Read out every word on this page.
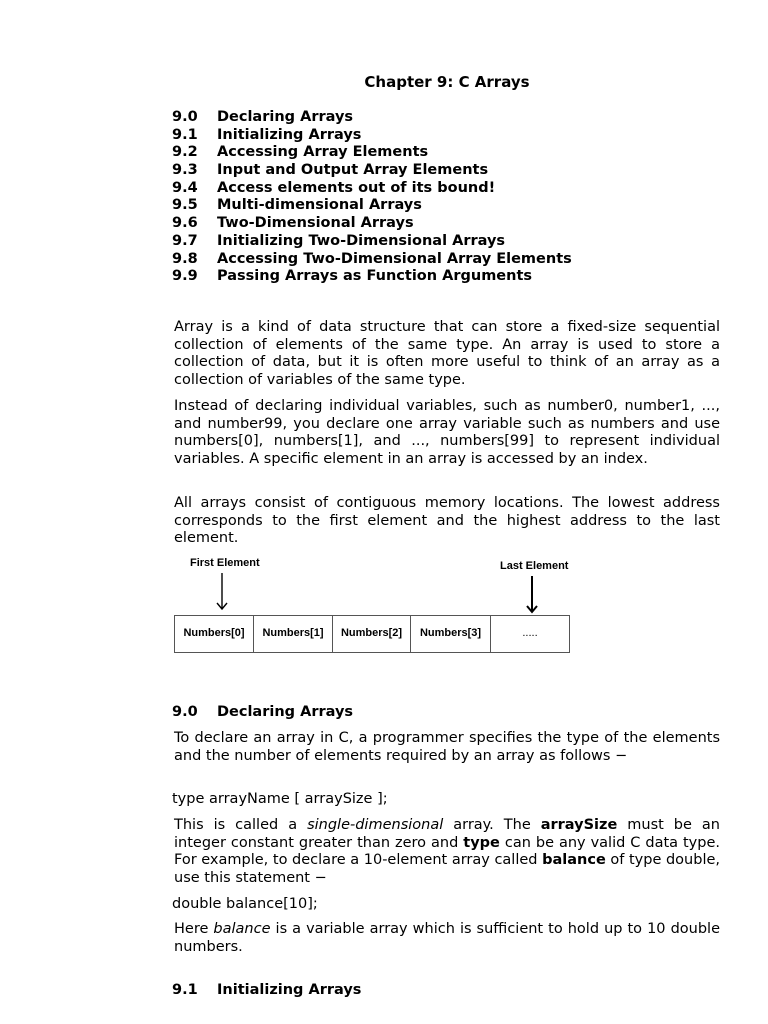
Chapter 9: C Arrays
9.0 Declaring Arrays
9.1 Initializing Arrays
9.2 Accessing Array Elements
9.3 Input and Output Array Elements
9.4 Access elements out of its bound!
9.5 Multi-dimensional Arrays
9.6 Two-Dimensional Arrays
9.7 Initializing Two-Dimensional Arrays
9.8 Accessing Two-Dimensional Array Elements
9.9 Passing Arrays as Function Arguments

Array is a kind of data structure that can store a fixed-size sequential collection of elements of the same type. An array is used to store a collection of data, but it is often more useful to think of an array as a collection of variables of the same type.

Instead of declaring individual variables, such as number0, number1, ..., and number99, you declare one array variable such as numbers and use numbers[0], numbers[1], and ..., numbers[99] to represent individual variables. A specific element in an array is accessed by an index.

All arrays consist of contiguous memory locations. The lowest address corresponds to the first element and the highest address to the last element.

First Element	Last Element
Numbers[0]	Numbers[1]	Numbers[2]	Numbers[3]	.....
9.0 Declaring Arrays

To declare an array in C, a programmer specifies the type of the elements and the number of elements required by an array as follows −

type arrayName [ arraySize ];

This is called a single-dimensional array. The arraySize must be an integer constant greater than zero and type can be any valid C data type. For example, to declare a 10-element array called balance of type double, use this statement −

double balance[10];

Here balance is a variable array which is sufficient to hold up to 10 double numbers.

9.1 Initializing Arrays
